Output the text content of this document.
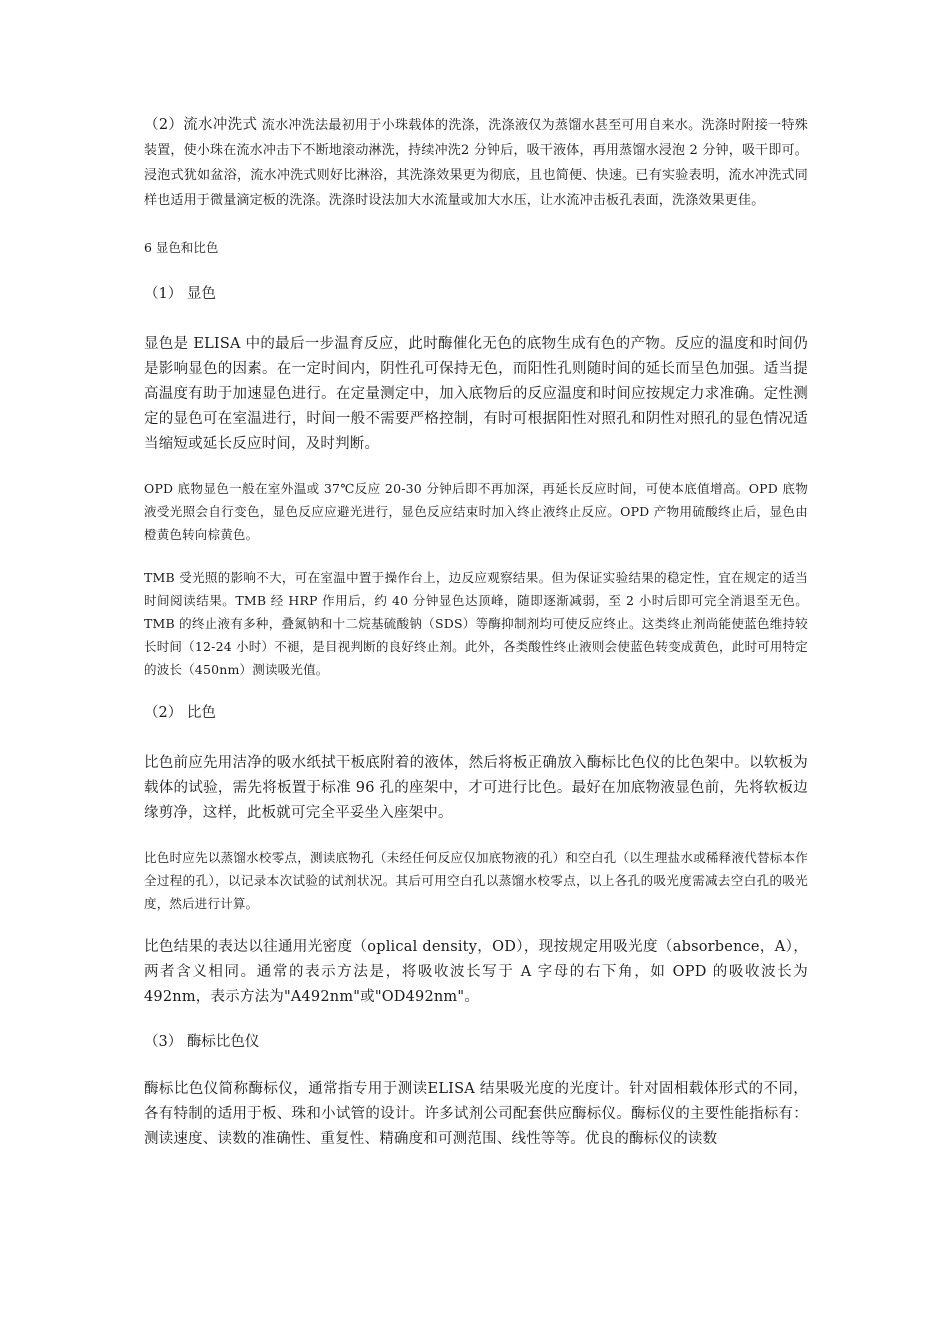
（2）流水冲洗式 流水冲洗法最初用于小珠载体的洗涤，洗涤液仅为蒸馏水甚至可用自来水。洗涤时附接一特殊装置，使小珠在流水冲击下不断地滚动淋洗，持续冲洗2 分钟后，吸干液体，再用蒸馏水浸泡 2 分钟，吸干即可。浸泡式犹如盆浴，流水冲洗式则好比淋浴，其洗涤效果更为彻底，且也简便、快速。已有实验表明，流水冲洗式同样也适用于微量滴定板的洗涤。洗涤时设法加大水流量或加大水压，让水流冲击板孔表面，洗涤效果更佳。

6 显色和比色

（1） 显色

显色是 ELISA 中的最后一步温育反应，此时酶催化无色的底物生成有色的产物。反应的温度和时间仍是影响显色的因素。在一定时间内，阴性孔可保持无色，而阳性孔则随时间的延长而呈色加强。适当提高温度有助于加速显色进行。在定量测定中，加入底物后的反应温度和时间应按规定力求准确。定性测定的显色可在室温进行，时间一般不需要严格控制，有时可根据阳性对照孔和阴性对照孔的显色情况适当缩短或延长反应时间，及时判断。

OPD 底物显色一般在室外温或 37℃反应 20-30 分钟后即不再加深，再延长反应时间，可使本底值增高。OPD 底物液受光照会自行变色，显色反应应避光进行，显色反应结束时加入终止液终止反应。OPD 产物用硫酸终止后，显色由橙黄色转向棕黄色。

TMB 受光照的影响不大，可在室温中置于操作台上，边反应观察结果。但为保证实验结果的稳定性，宜在规定的适当时间阅读结果。TMB 经 HRP 作用后，约 40 分钟显色达顶峰，随即逐渐减弱，至 2 小时后即可完全消退至无色。TMB 的终止液有多种，叠氮钠和十二烷基硫酸钠（SDS）等酶抑制剂均可使反应终止。这类终止剂尚能使蓝色维持较长时间（12-24 小时）不褪，是目视判断的良好终止剂。此外，各类酸性终止液则会使蓝色转变成黄色，此时可用特定的波长（450nm）测读吸光值。

（2） 比色

比色前应先用洁净的吸水纸拭干板底附着的液体，然后将板正确放入酶标比色仪的比色架中。以软板为载体的试验，需先将板置于标准 96 孔的座架中，才可进行比色。最好在加底物液显色前，先将软板边缘剪净，这样，此板就可完全平妥坐入座架中。

比色时应先以蒸馏水校零点，测读底物孔（未经任何反应仅加底物液的孔）和空白孔（以生理盐水或稀释液代替标本作全过程的孔），以记录本次试验的试剂状况。其后可用空白孔以蒸馏水校零点，以上各孔的吸光度需减去空白孔的吸光度，然后进行计算。

比色结果的表达以往通用光密度（oplical density，OD），现按规定用吸光度（absorbence，A），两者含义相同。通常的表示方法是，将吸收波长写于 A 字母的右下角，如 OPD 的吸收波长为 492nm，表示方法为"A492nm"或"OD492nm"。

（3） 酶标比色仪

酶标比色仪简称酶标仪，通常指专用于测读ELISA 结果吸光度的光度计。针对固相载体形式的不同，各有特制的适用于板、珠和小试管的设计。许多试剂公司配套供应酶标仪。酶标仪的主要性能指标有：测读速度、读数的准确性、重复性、精确度和可测范围、线性等等。优良的酶标仪的读数
